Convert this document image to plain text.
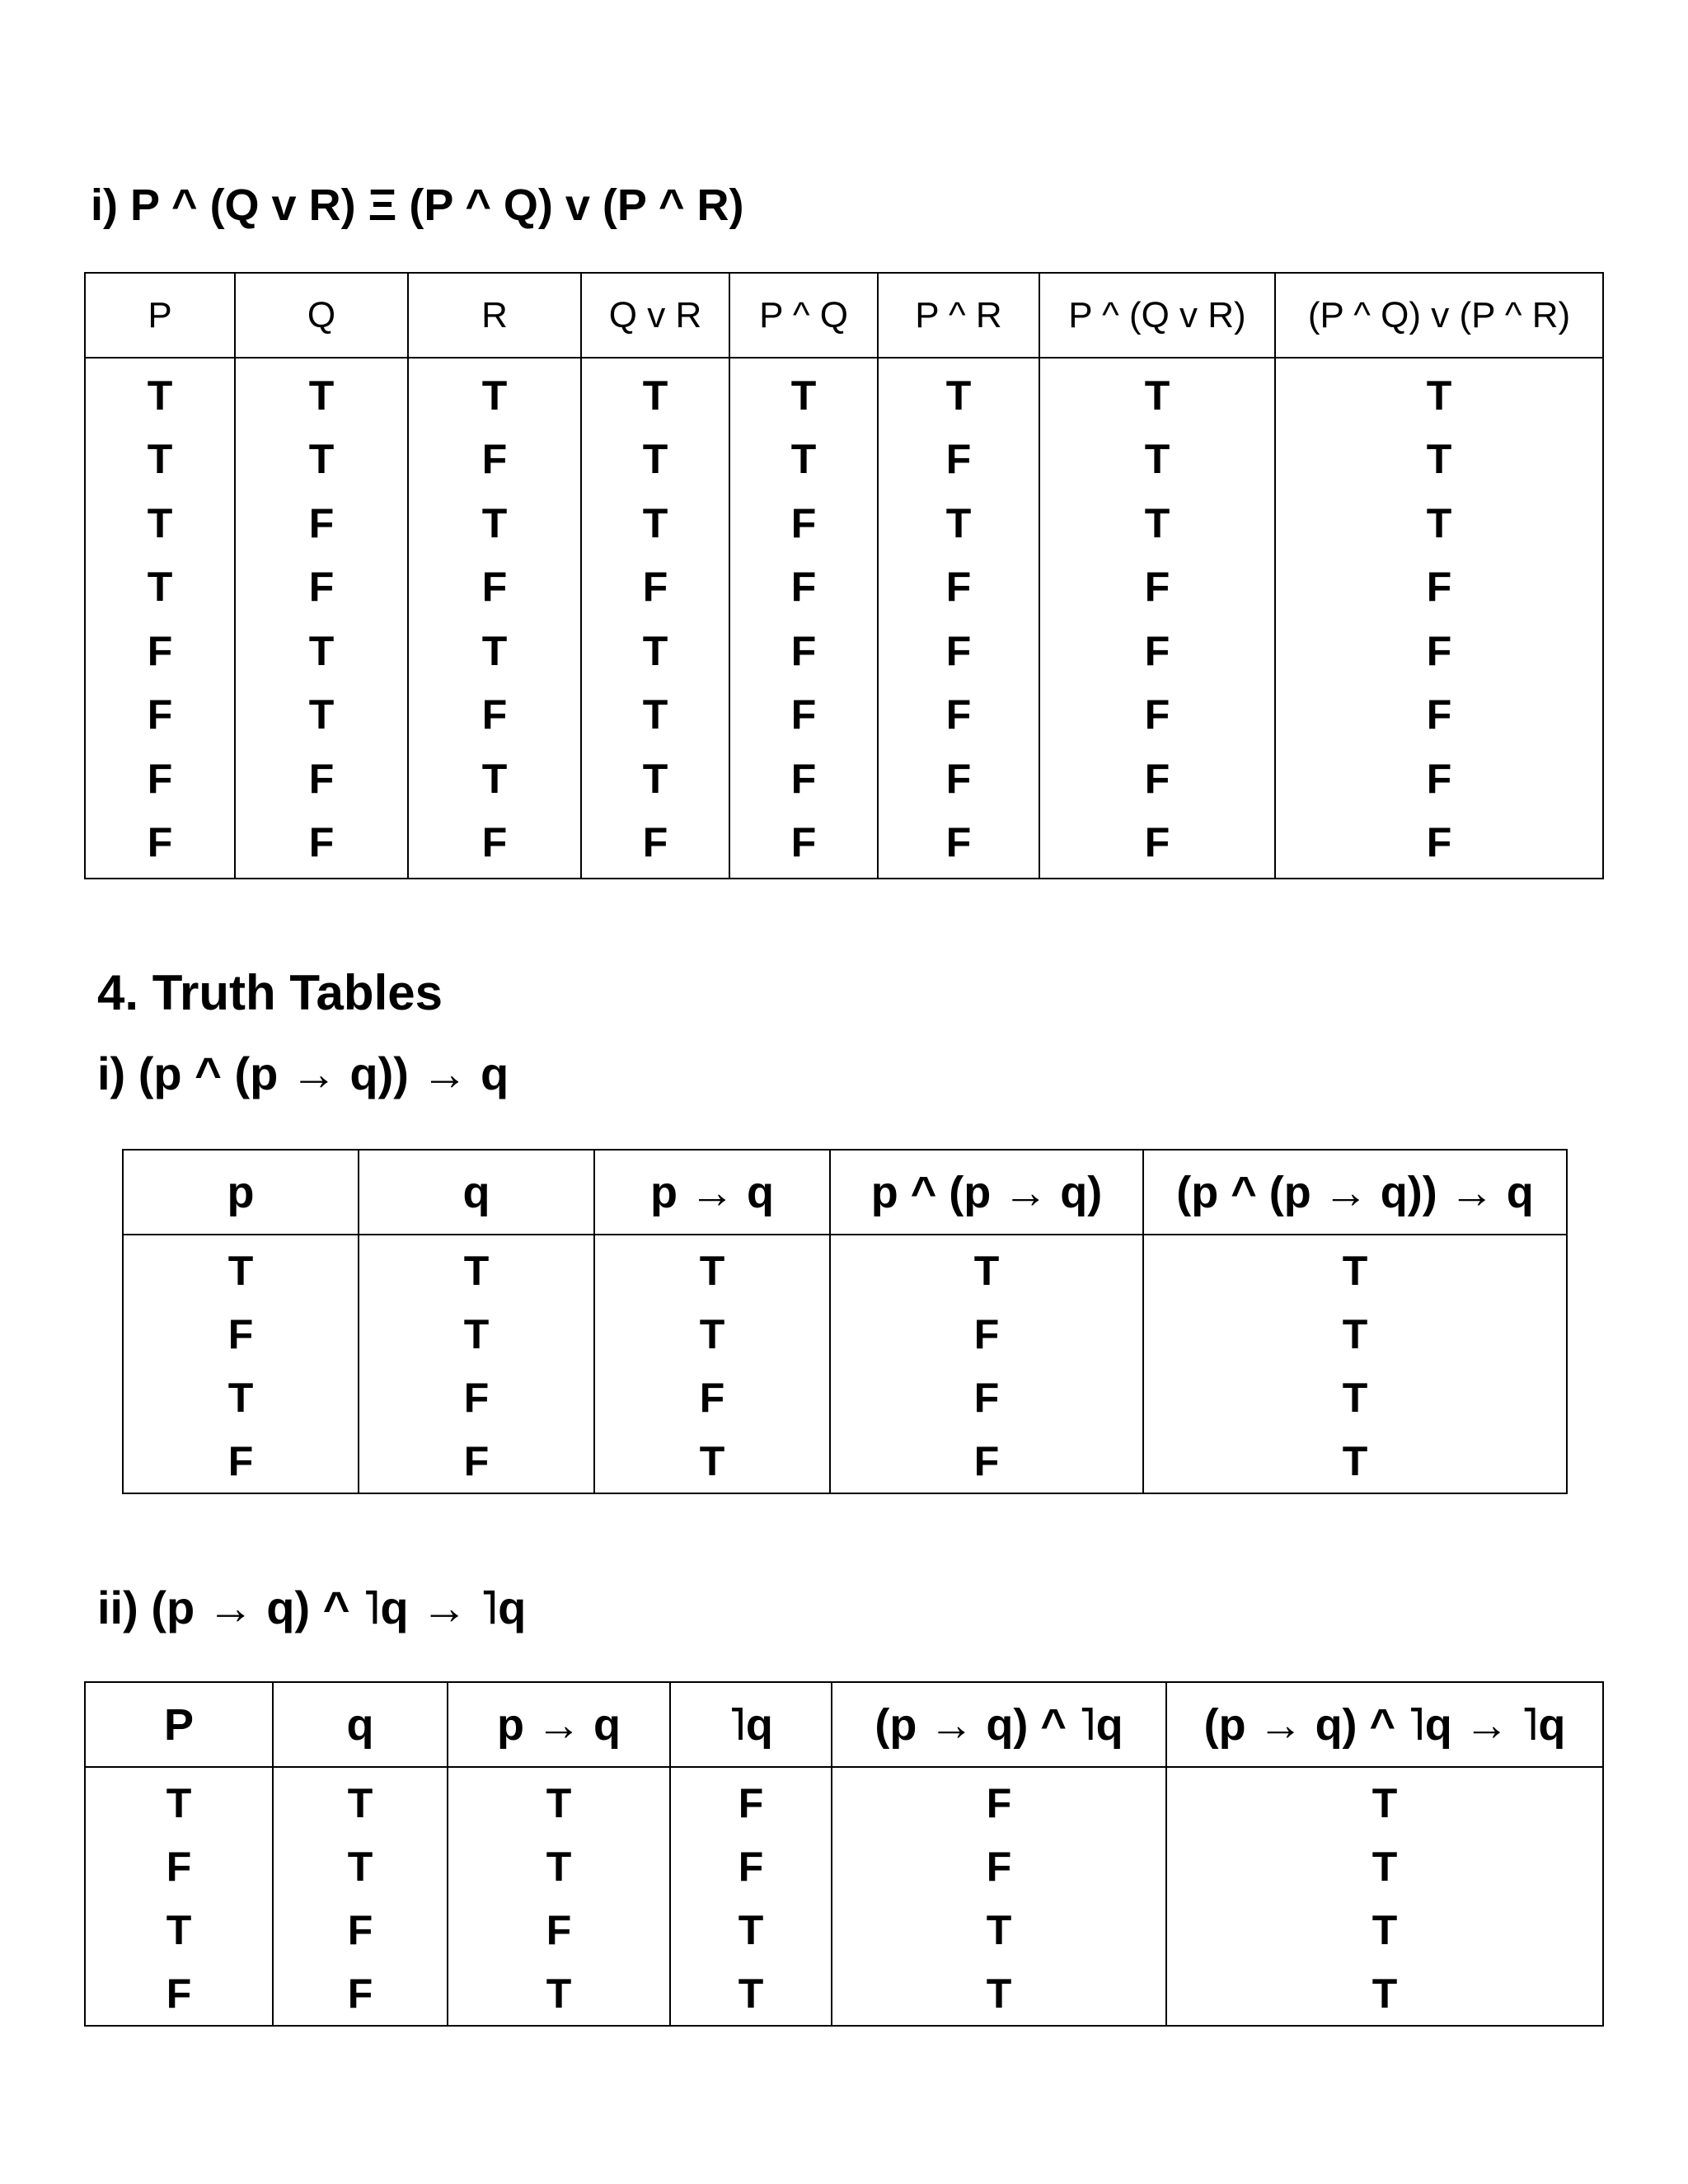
i) P ^ (Q v R) Ξ (P ^ Q) v (P ^ R)
P	Q	R	Q v R	P ^ Q	P ^ R	P ^ (Q v R)	(P ^ Q) v (P ^ R)
T	T	T	T	T	T	T	T
T	T	F	T	T	F	T	T
T	F	T	T	F	T	T	T
T	F	F	F	F	F	F	F
F	T	T	T	F	F	F	F
F	T	F	T	F	F	F	F
F	F	T	T	F	F	F	F
F	F	F	F	F	F	F	F
4. Truth Tables
i) (p ^ (p → q)) → q
p	q	p → q	p ^ (p → q)	(p ^ (p → q)) → q
T	T	T	T	T
F	T	T	F	T
T	F	F	F	T
F	F	T	F	T
ii) (p → q) ^ ˥q → ˥q
P	q	p → q	˥q	(p → q) ^ ˥q	(p → q) ^ ˥q → ˥q
T	T	T	F	F	T
F	T	T	F	F	T
T	F	F	T	T	T
F	F	T	T	T	T
